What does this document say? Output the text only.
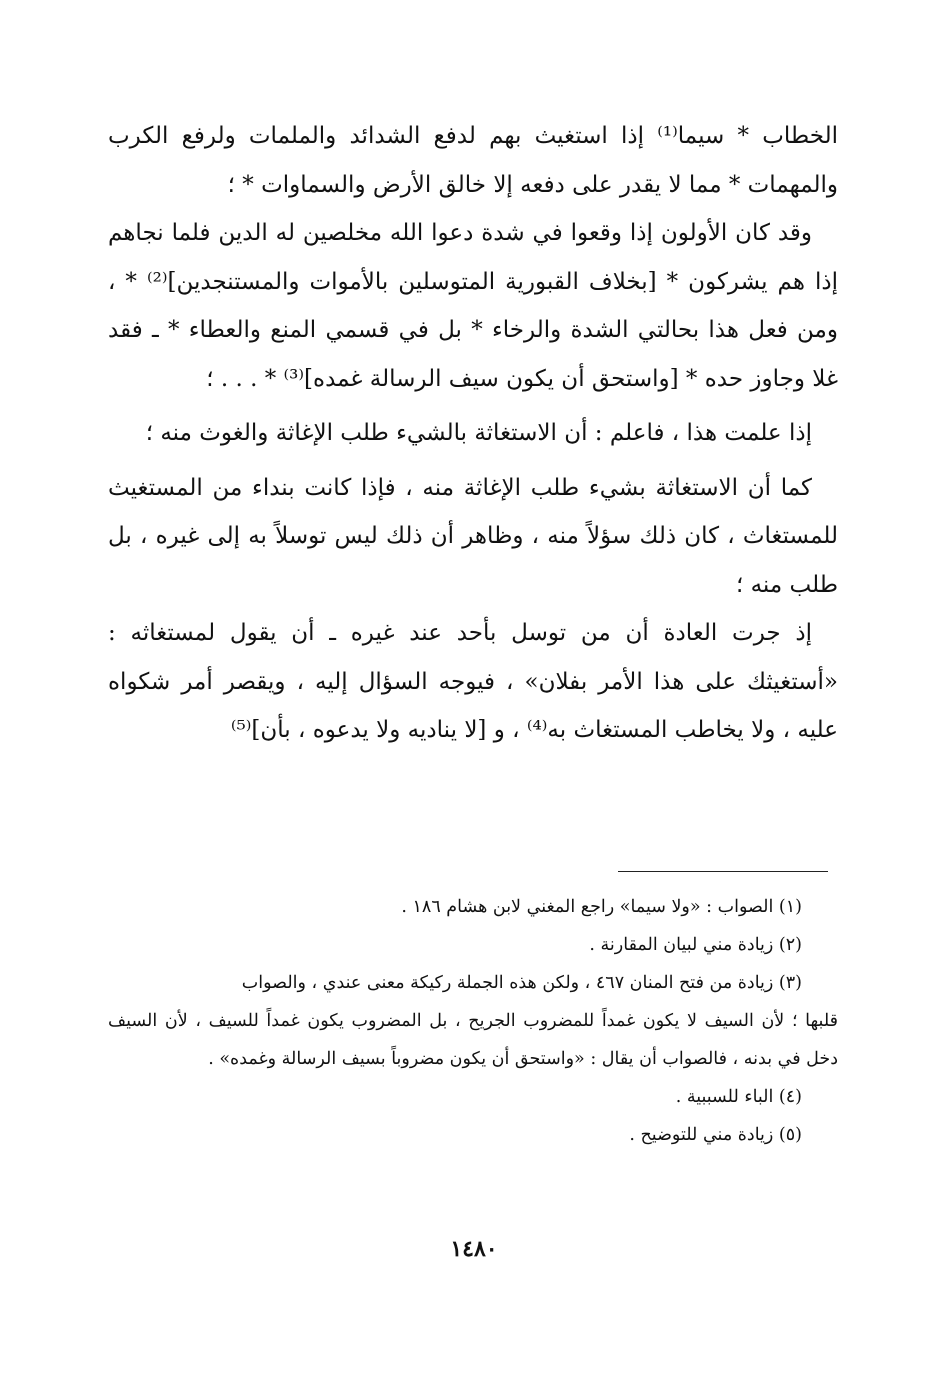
الخطاب * سيما⁽¹⁾ إذا استغيث بهم لدفع الشدائد والملمات ولرفع الكرب والمهمات * مما لا يقدر على دفعه إلا خالق الأرض والسماوات * ؛

وقد كان الأولون إذا وقعوا في شدة دعوا الله مخلصين له الدين فلما نجاهم إذا هم يشركون * [بخلاف القبورية المتوسلين بالأموات والمستنجدين]⁽²⁾ * ، ومن فعل هذا بحالتي الشدة والرخاء * بل في قسمي المنع والعطاء * ـ فقد غلا وجاوز حده * [واستحق أن يكون سيف الرسالة غمده]⁽³⁾ * . . . ؛

إذا علمت هذا ، فاعلم : أن الاستغاثة بالشيء طلب الإغاثة والغوث منه ؛

كما أن الاستغاثة بشيء طلب الإغاثة منه ، فإذا كانت بنداء من المستغيث للمستغاث ، كان ذلك سؤلاً منه ، وظاهر أن ذلك ليس توسلاً به إلى غيره ، بل طلب منه ؛

إذ جرت العادة أن من توسل بأحد عند غيره ـ أن يقول لمستغاثه : «أستغيثك على هذا الأمر بفلان» ، فيوجه السؤال إليه ، ويقصر أمر شكواه عليه ، ولا يخاطب المستغاث به⁽⁴⁾ ، و [لا يناديه ولا يدعوه ، بأن]⁽⁵⁾

(١) الصواب : «ولا سيما» راجع المغني لابن هشام ١٨٦ .

(٢) زيادة مني لبيان المقارنة .

(٣) زيادة من فتح المنان ٤٦٧ ، ولكن هذه الجملة ركيكة معنى عندي ، والصواب

قلبها ؛ لأن السيف لا يكون غمداً للمضروب الجريح ، بل المضروب يكون غمداً للسيف ، لأن السيف دخل في بدنه ، فالصواب أن يقال : «واستحق أن يكون مضروباً بسيف الرسالة وغمده» .

(٤) الباء للسببية .

(٥) زيادة مني للتوضيح .

١٤٨٠
